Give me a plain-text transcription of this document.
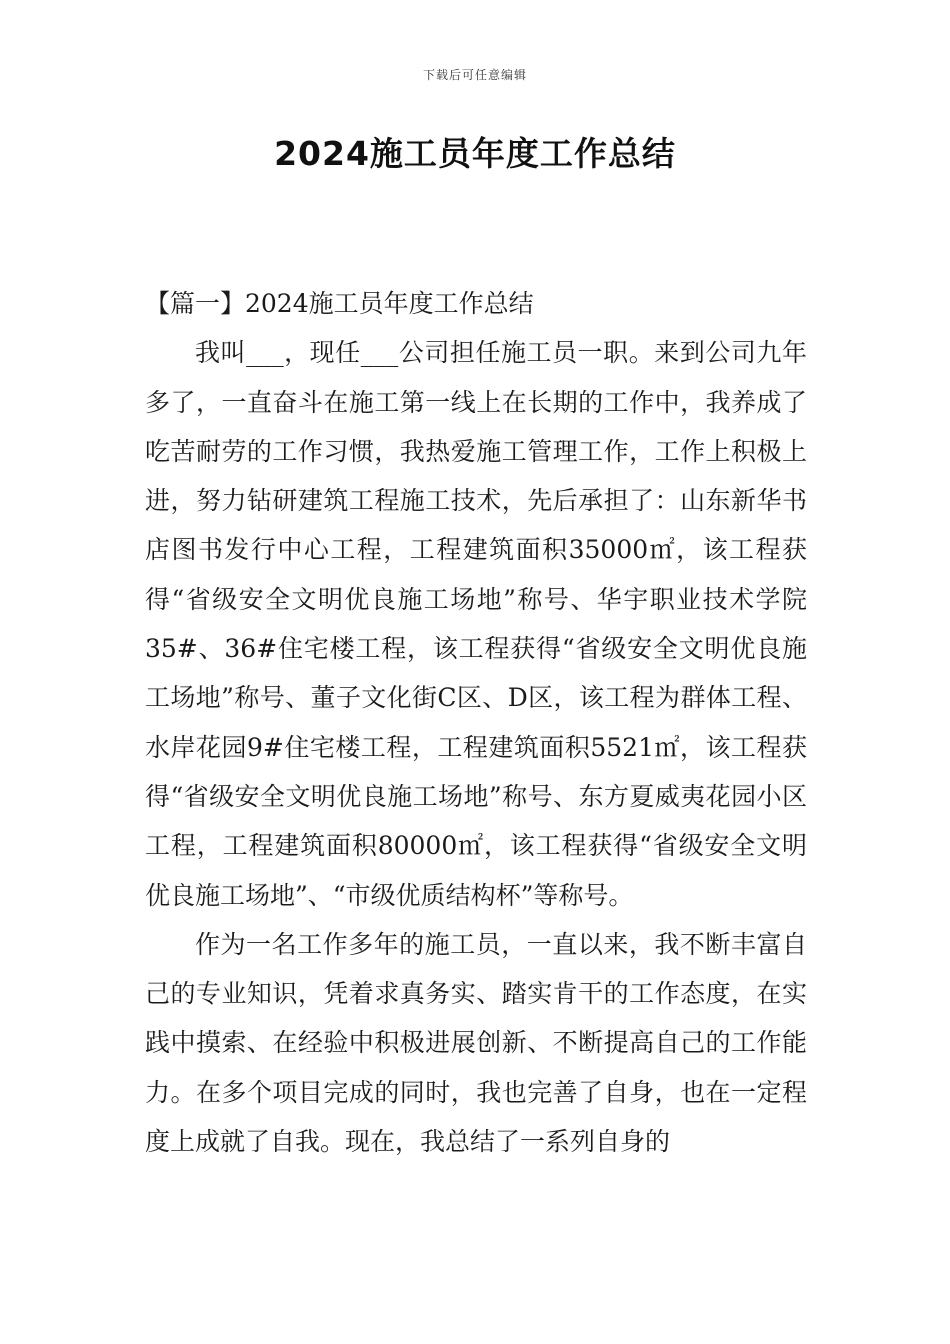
下载后可任意编辑
2024施工员年度工作总结

【篇一】2024施工员年度工作总结

我叫___，现任___公司担任施工员一职。来到公司九年多了，一直奋斗在施工第一线上在长期的工作中，我养成了吃苦耐劳的工作习惯，我热爱施工管理工作，工作上积极上进，努力钻研建筑工程施工技术，先后承担了：山东新华书店图书发行中心工程，工程建筑面积35000㎡，该工程获得“省级安全文明优良施工场地”称号、华宇职业技术学院35#、36#住宅楼工程，该工程获得“省级安全文明优良施工场地”称号、董子文化街C区、D区，该工程为群体工程、水岸花园9#住宅楼工程，工程建筑面积5521㎡，该工程获得“省级安全文明优良施工场地”称号、东方夏威夷花园小区工程，工程建筑面积80000㎡，该工程获得“省级安全文明优良施工场地”、“市级优质结构杯”等称号。

作为一名工作多年的施工员，一直以来，我不断丰富自己的专业知识，凭着求真务实、踏实肯干的工作态度，在实践中摸索、在经验中积极进展创新、不断提高自己的工作能力。在多个项目完成的同时，我也完善了自身，也在一定程度上成就了自我。现在，我总结了一系列自身的
